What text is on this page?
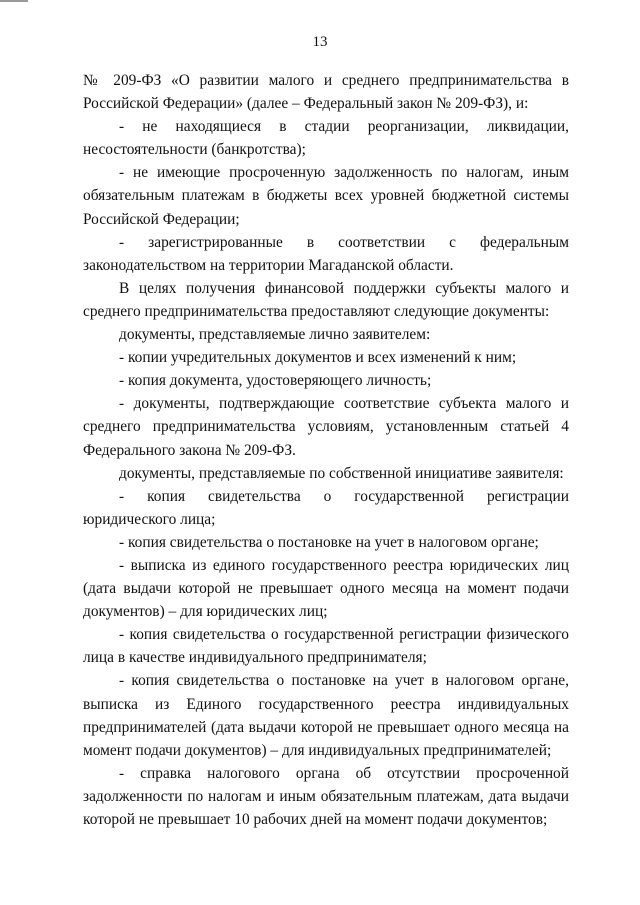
13

№ 209-ФЗ «О развитии малого и среднего предпринимательства в Российской Федерации» (далее – Федеральный закон № 209-ФЗ), и:

- не находящиеся в стадии реорганизации, ликвидации, несостоятельности (банкротства);

- не имеющие просроченную задолженность по налогам, иным обязательным платежам в бюджеты всех уровней бюджетной системы Российской Федерации;

- зарегистрированные в соответствии с федеральным законодательством на территории Магаданской области.

В целях получения финансовой поддержки субъекты малого и среднего предпринимательства предоставляют следующие документы:

документы, представляемые лично заявителем:

- копии учредительных документов и всех изменений к ним;

- копия документа, удостоверяющего личность;

- документы, подтверждающие соответствие субъекта малого и среднего предпринимательства условиям, установленным статьей 4 Федерального закона № 209-ФЗ.

документы, представляемые по собственной инициативе заявителя:

- копия свидетельства о государственной регистрации юридического лица;

- копия свидетельства о постановке на учет в налоговом органе;

- выписка из единого государственного реестра юридических лиц (дата выдачи которой не превышает одного месяца на момент подачи документов) – для юридических лиц;

- копия свидетельства о государственной регистрации физического лица в качестве индивидуального предпринимателя;

- копия свидетельства о постановке на учет в налоговом органе, выписка из Единого государственного реестра индивидуальных предпринимателей (дата выдачи которой не превышает одного месяца на момент подачи документов) – для индивидуальных предпринимателей;

- справка налогового органа об отсутствии просроченной задолженности по налогам и иным обязательным платежам, дата выдачи которой не превышает 10 рабочих дней на момент подачи документов;
